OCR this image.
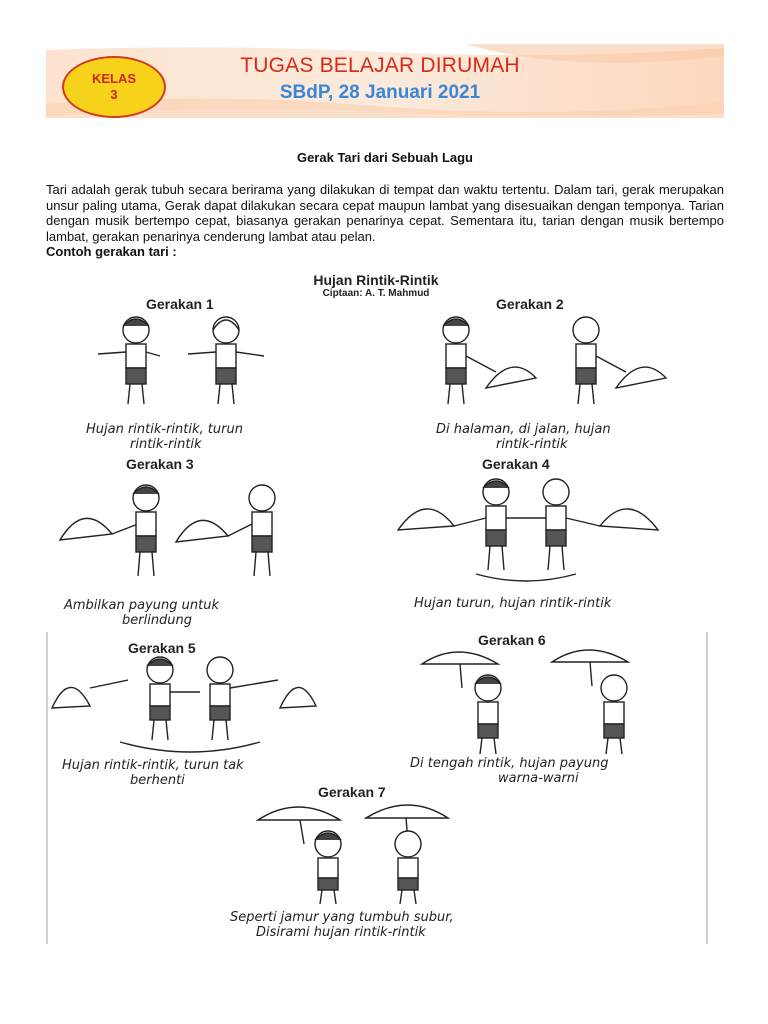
KELAS
3
TUGAS BELAJAR DIRUMAH
SBdP, 28 Januari 2021
Gerak Tari dari Sebuah Lagu
Tari adalah gerak tubuh secara berirama yang dilakukan di tempat dan waktu tertentu. Dalam tari, gerak merupakan unsur paling utama, Gerak dapat dilakukan secara cepat maupun lambat yang disesuaikan dengan temponya. Tarian dengan musik bertempo cepat, biasanya gerakan penarinya cepat. Sementara itu, tarian dengan musik bertempo lambat, gerakan penarinya cenderung lambat atau pelan.
Contoh gerakan tari :
Hujan Rintik-Rintik
Ciptaan: A. T. Mahmud
Gerakan 1
Hujan rintik-rintik, turun
rintik-rintik
Gerakan 2
Di halaman, di jalan, hujan
rintik-rintik
Gerakan 3
Ambilkan payung untuk
berlindung
Gerakan 4
Hujan turun, hujan rintik-rintik
Gerakan 5
Hujan rintik-rintik, turun tak
berhenti
Gerakan 6
Di tengah rintik, hujan payung
warna-warni
Gerakan 7
Seperti jamur yang tumbuh subur,
Disirami hujan rintik-rintik
